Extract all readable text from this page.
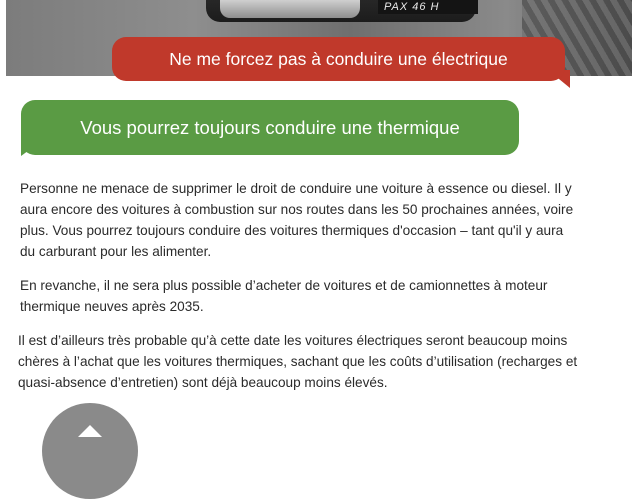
PAX 46 H
Ne me forcez pas à conduire une électrique
Vous pourrez toujours conduire une thermique

Personne ne menace de supprimer le droit de conduire une voiture à essence ou diesel. Il y aura encore des voitures à combustion sur nos routes dans les 50 prochaines années, voire plus. Vous pourrez toujours conduire des voitures thermiques d'occasion – tant qu'il y aura du carburant pour les alimenter.

En revanche, il ne sera plus possible d’acheter de voitures et de camionnettes à moteur thermique neuves après 2035.

Il est d’ailleurs très probable qu’à cette date les voitures électriques seront beaucoup moins chères à l’achat que les voitures thermiques, sachant que les coûts d’utilisation (recharges et quasi-absence d’entretien) sont déjà beaucoup moins élevés.
